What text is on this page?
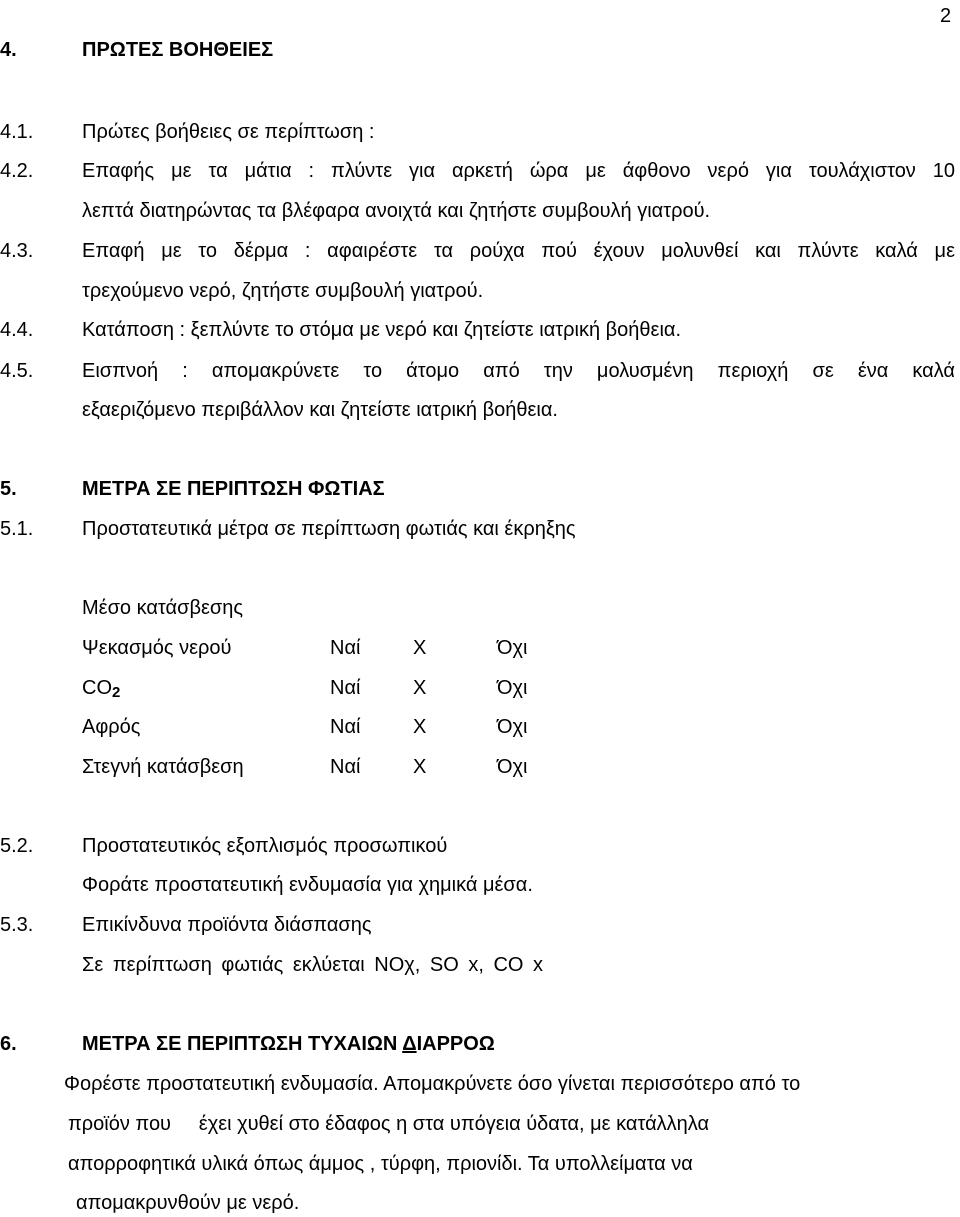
2
4.	ΠΡΩΤΕΣ ΒΟΗΘΕΙΕΣ
4.1. Πρώτες βοήθειες σε περίπτωση :
4.2. Επαφής με τα μάτια : πλύντε για αρκετή ώρα με άφθονο νερό για τουλάχιστον 10
λεπτά διατηρώντας τα βλέφαρα ανοιχτά και ζητήστε συμβουλή γιατρού.
4.3. Επαφή με το δέρμα : αφαιρέστε τα ρούχα πού έχουν μολυνθεί και πλύντε καλά με
τρεχούμενο νερό, ζητήστε συμβουλή γιατρού.
4.4. Κατάποση : ξεπλύντε το στόμα με νερό και ζητείστε ιατρική βοήθεια.
4.5. Εισπνοή : απομακρύνετε το άτομο από την μολυσμένη περιοχή σε ένα καλά
εξαεριζόμενο περιβάλλον και ζητείστε ιατρική βοήθεια.
5.	ΜΕΤΡΑ ΣΕ ΠΕΡΙΠΤΩΣΗ ΦΩΤΙΑΣ
5.1. Προστατευτικά μέτρα σε περίπτωση φωτιάς και έκρηξης
Μέσο κατάσβεσης
Ψεκασμός νερού	Ναί	Χ	Όχι
$CO_2$	Ναί	Χ	Όχι
Αφρός	Ναί	Χ	Όχι
Στεγνή κατάσβεση	Ναί	Χ	Όχι
5.2. Προστατευτικός εξοπλισμός προσωπικού
Φοράτε προστατευτική ενδυμασία για χημικά μέσα.
5.3. Επικίνδυνα προϊόντα διάσπασης
Σε περίπτωση φωτιάς εκλύεται ΝΟχ, SO x, CO x
6.	ΜΕΤΡΑ ΣΕ ΠΕΡΙΠΤΩΣΗ ΤΥΧΑΙΩΝ ΔΙΑΡΡΟΩ
Φορέστε προστατευτική ενδυμασία. Απομακρύνετε όσο γίνεται περισσότερο από το
προϊόν που     έχει χυθεί στο έδαφος η στα υπόγεια ύδατα, με κατάλληλα
απορροφητικά υλικά όπως άμμος , τύρφη, πριονίδι. Τα υπολλείματα να
απομακρυνθούν με νερό.
